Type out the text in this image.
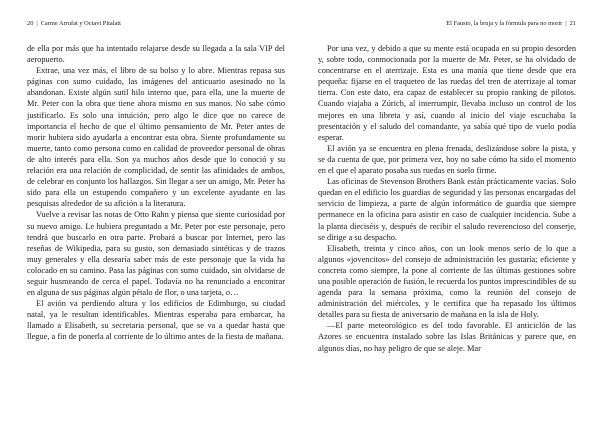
20 | Carme Arrufat y Octavi Pitalatt

de ella por más que ha intentado relajarse desde su llegada a la sala VIP del aeropuerto.

Extrae, una vez más, el libro de su bolso y lo abre. Mientras repasa sus páginas con sumo cuidado, las imágenes del anticuario asesinado no la abandonan. Existe algún sutil hilo interno que, para ella, une la muerte de Mr. Peter con la obra que tiene ahora mismo en sus manos. No sabe cómo justificarlo. Es solo una intuición, pero algo le dice que no carece de importancia el hecho de que el último pensamiento de Mr. Peter antes de morir hubiera sido ayudarla a encontrar esta obra. Siente profundamente su muerte, tanto como persona como en calidad de proveedor personal de obras de alto interés para ella. Son ya muchos años desde que lo conoció y su relación era una relación de complicidad, de sentir las afinidades de ambos, de celebrar en conjunto los hallazgos. Sin llegar a ser un amigo, Mr. Peter ha sido para ella un estupendo compañero y un excelente ayudante en las pesquisas alrededor de su afición a la literatura.

Vuelve a revisar las notas de Otto Rahn y piensa que siente curiosidad por su nuevo amigo. Le hubiera preguntado a Mr. Peter por este personaje, pero tendrá que buscarlo en otra parte. Probará a buscar por Internet, pero las reseñas de Wikipedia, para su gusto, son demasiado sintéticas y de trazos muy generales y ella desearía saber más de este personaje que la vida ha colocado en su camino. Pasa las páginas con sumo cuidado, sin olvidarse de seguir husmeando de cerca el papel. Todavía no ha renunciado a encontrar en alguna de sus páginas algún pétalo de flor, o una tarjeta, o…

El avión va perdiendo altura y los edificios de Edimburgo, su ciudad natal, ya le resultan identificables. Mientras esperaba para embarcar, ha llamado a Elisabeth, su secretaria personal, que se va a quedar hasta que llegue, a fin de ponerla al corriente de lo último antes de la fiesta de mañana.

El Fausto, la bruja y la fórmula para no morir | 21

Por una vez, y debido a que su mente está ocupada en su propio desorden y, sobre todo, conmocionada por la muerte de Mr. Peter, se ha olvidado de concentrarse en el aterrizaje. Esta es una manía que tiene desde que era pequeña: fijarse en el traqueteo de las ruedas del tren de aterrizaje al tomar tierra. Con este dato, era capaz de establecer su propio ranking de pilotos. Cuando viajaba a Zúrich, al interrumpir, llevaba incluso un control de los mejores en una libreta y así, cuando al inicio del viaje escuchaba la presentación y el saludo del comandante, ya sabía qué tipo de vuelo podía esperar.

El avión ya se encuentra en plena frenada, deslizándose sobre la pista, y se da cuenta de que, por primera vez, hoy no sabe cómo ha sido el momento en el que el aparato posaba sus ruedas en suelo firme.

Las oficinas de Stevenson Brothers Bank están prácticamente vacías. Solo quedan en el edificio los guardias de seguridad y las personas encargadas del servicio de limpieza, a parte de algún informático de guardia que siempre permanece en la oficina para asistir en caso de cualquier incidencia. Sube a la planta dieciséis y, después de recibir el saludo reverencioso del conserje, se dirige a su despacho.

Elisabeth, treinta y cinco años, con un look menos serio de lo que a algunos «jovencitos» del consejo de administración les gustaría; eficiente y concreta como siempre, la pone al corriente de las últimas gestiones sobre una posible operación de fusión, le recuerda los puntos imprescindibles de su agenda para la semana próxima, como la reunión del consejo de administración del miércoles, y le certifica que ha repasado los últimos detalles para su fiesta de aniversario de mañana en la isla de Holy.

—El parte meteorológico es del todo favorable. El anticiclón de las Azores se encuentra instalado sobre las Islas Británicas y parece que, en algunos días, no hay peligro de que se aleje. Mar
